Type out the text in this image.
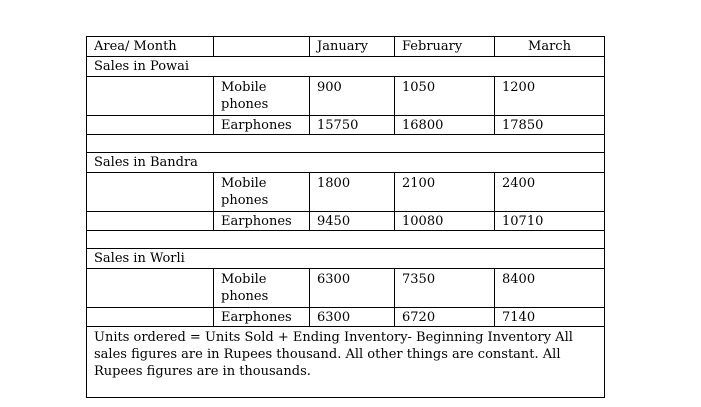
Area/ Month		January	February	March
Sales in Powai				
	Mobile phones	900	1050	1200
	Earphones	15750	16800	17850

Sales in Bandra				
	Mobile phones	1800	2100	2400
	Earphones	9450	10080	10710

Sales in Worli				
	Mobile phones	6300	7350	8400
	Earphones	6300	6720	7140
Units ordered = Units Sold + Ending Inventory- Beginning Inventory All sales figures are in Rupees thousand. All other things are constant. All Rupees figures are in thousands.				
